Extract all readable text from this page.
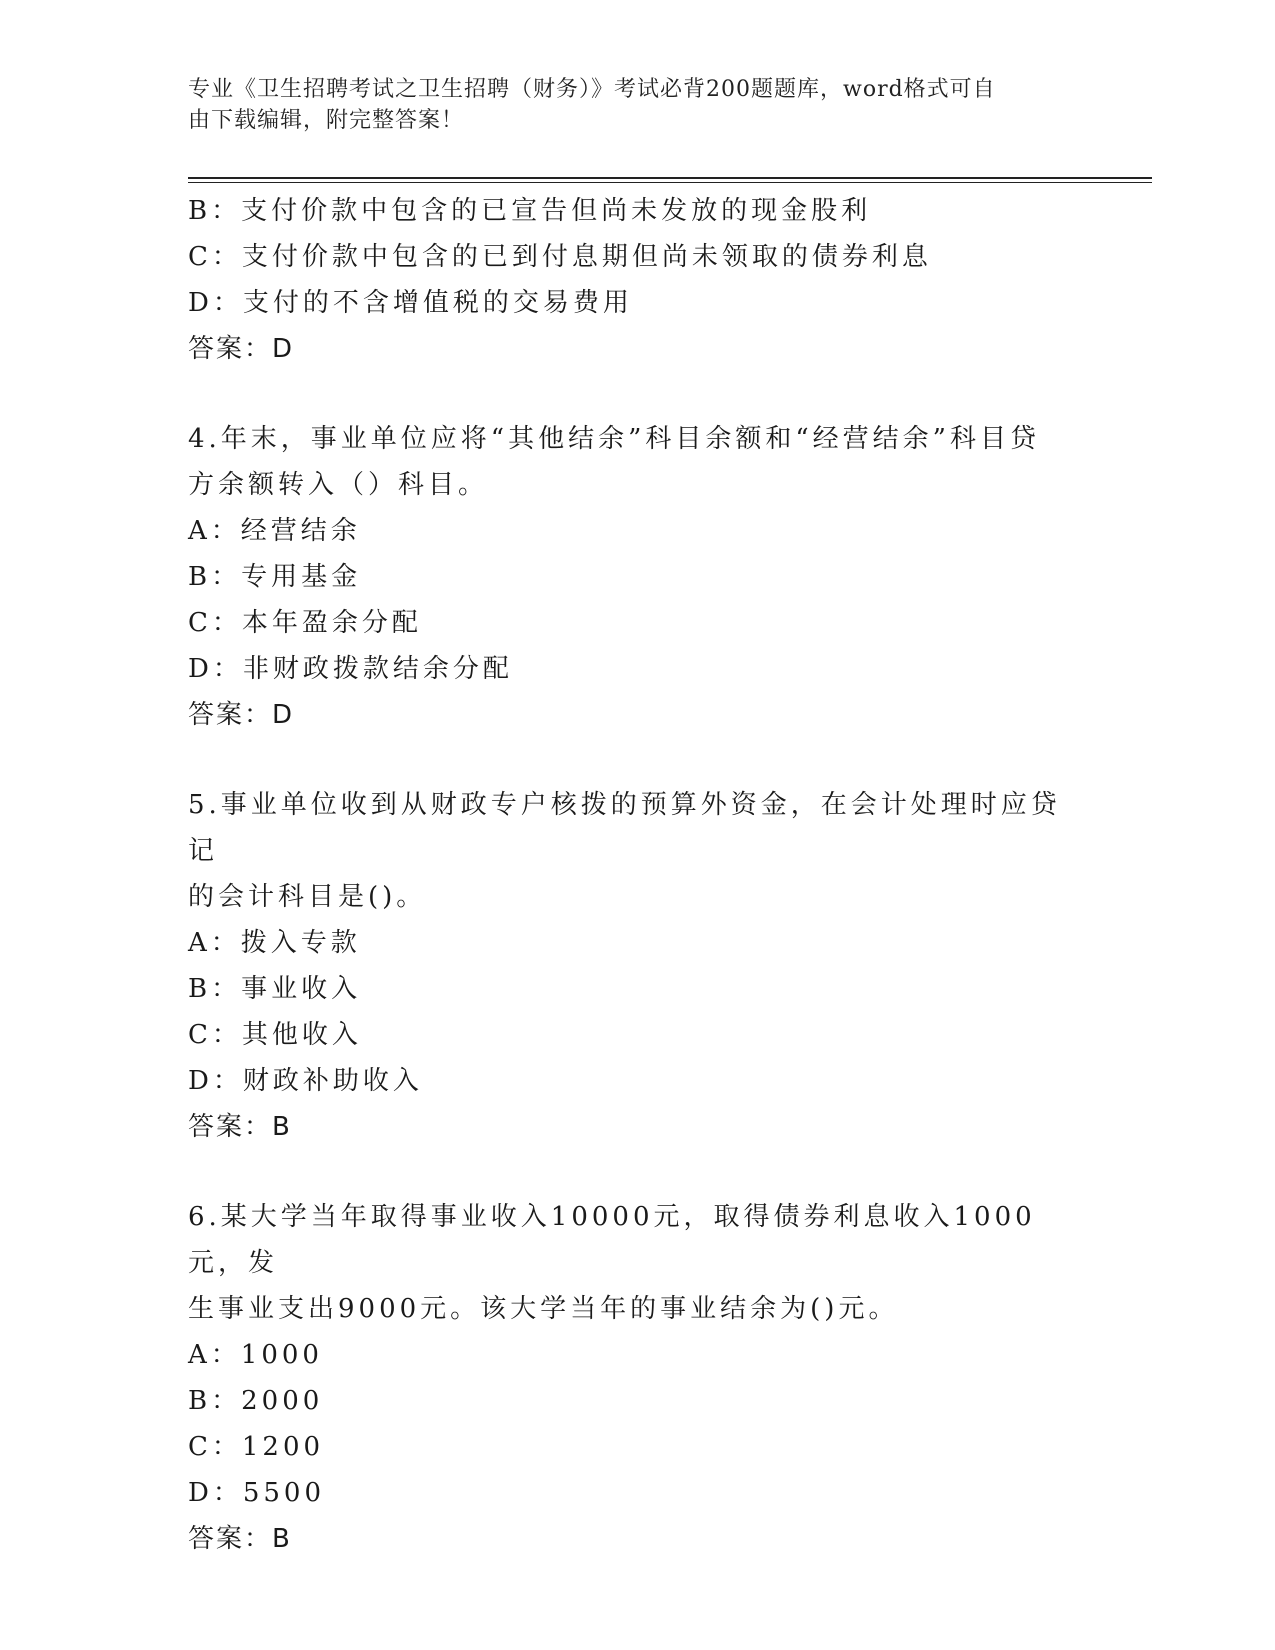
专业《卫生招聘考试之卫生招聘（财务）》考试必背200题题库，word格式可自
由下载编辑，附完整答案！

B：支付价款中包含的已宣告但尚未发放的现金股利

C：支付价款中包含的已到付息期但尚未领取的债券利息

D：支付的不含增值税的交易费用

答案：D

4.年末，事业单位应将“其他结余”科目余额和“经营结余”科目贷

方余额转入（）科目。

A：经营结余

B：专用基金

C：本年盈余分配

D：非财政拨款结余分配

答案：D

5.事业单位收到从财政专户核拨的预算外资金，在会计处理时应贷记

的会计科目是()。

A：拨入专款

B：事业收入

C：其他收入

D：财政补助收入

答案：B

6.某大学当年取得事业收入10000元，取得债券利息收入1000元，发

生事业支出9000元。该大学当年的事业结余为()元。

A：1000

B：2000

C：1200

D：5500

答案：B
